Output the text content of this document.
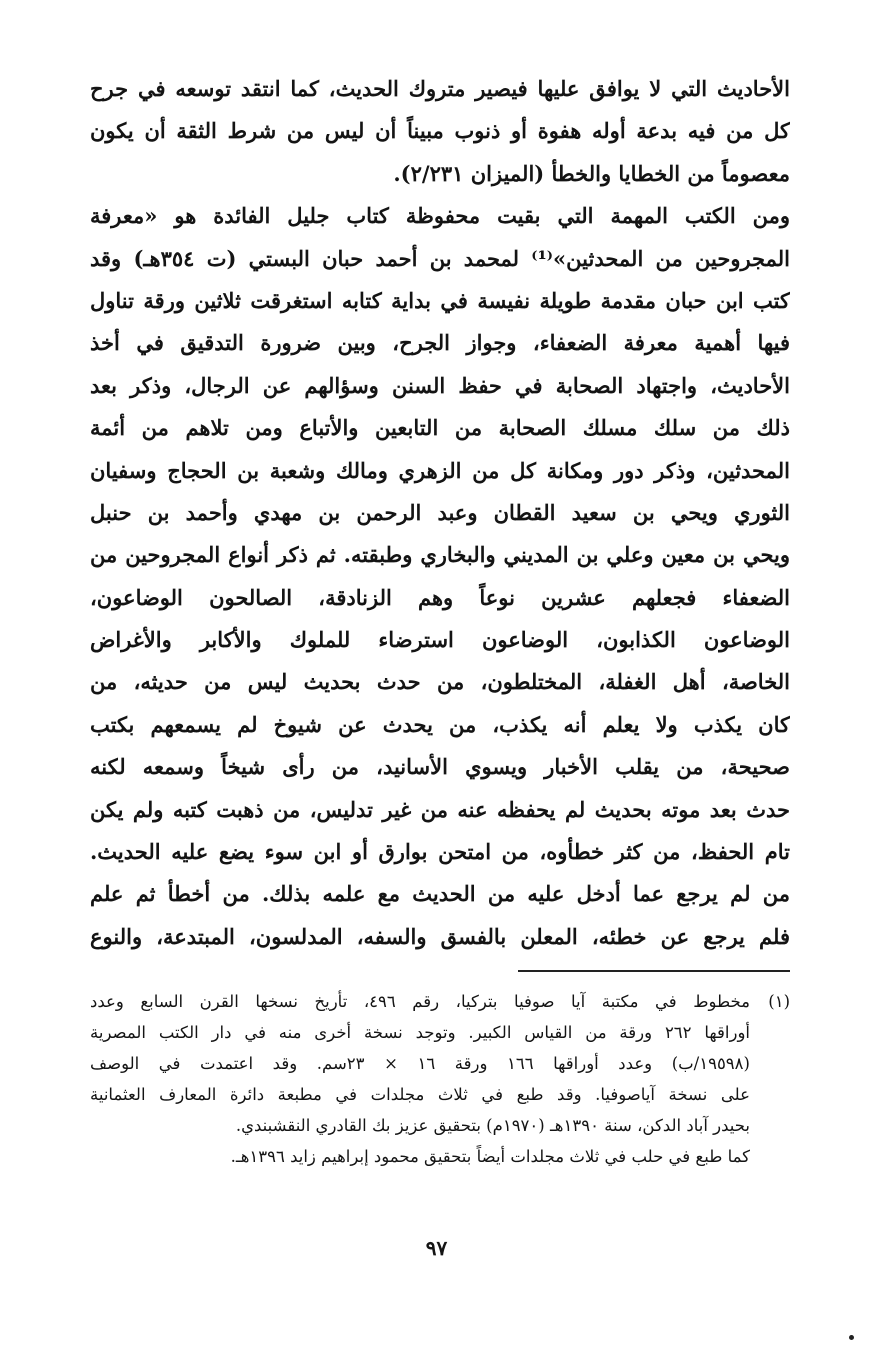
الأحاديث التي لا يوافق عليها فيصير متروك الحديث، كما انتقد توسعه في جرح
كل من فيه بدعة أوله هفوة أو ذنوب مبيناً أن ليس من شرط الثقة أن يكون
معصوماً من الخطايا والخطأ (الميزان ٢/٢٣١).
ومن الكتب المهمة التي بقيت محفوظة كتاب جليل الفائدة هو «معرفة
المجروحين من المحدثين»⁽¹⁾ لمحمد بن أحمد حبان البستي (ت ٣٥٤هـ) وقد
كتب ابن حبان مقدمة طويلة نفيسة في بداية كتابه استغرقت ثلاثين ورقة تناول
فيها أهمية معرفة الضعفاء، وجواز الجرح، وبين ضرورة التدقيق في أخذ
الأحاديث، واجتهاد الصحابة في حفظ السنن وسؤالهم عن الرجال، وذكر بعد
ذلك من سلك مسلك الصحابة من التابعين والأتباع ومن تلاهم من أئمة
المحدثين، وذكر دور ومكانة كل من الزهري ومالك وشعبة بن الحجاج وسفيان
الثوري ويحي بن سعيد القطان وعبد الرحمن بن مهدي وأحمد بن حنبل
ويحي بن معين وعلي بن المديني والبخاري وطبقته. ثم ذكر أنواع المجروحين من
الضعفاء فجعلهم عشرين نوعاً وهم الزنادقة، الصالحون الوضاعون،
الوضاعون الكذابون، الوضاعون استرضاء للملوك والأكابر والأغراض
الخاصة، أهل الغفلة، المختلطون، من حدث بحديث ليس من حديثه، من
كان يكذب ولا يعلم أنه يكذب، من يحدث عن شيوخ لم يسمعهم بكتب
صحيحة، من يقلب الأخبار ويسوي الأسانيد، من رأى شيخاً وسمعه لكنه
حدث بعد موته بحديث لم يحفظه عنه من غير تدليس، من ذهبت كتبه ولم يكن
تام الحفظ، من كثر خطأوه، من امتحن بوارق أو ابن سوء يضع عليه الحديث.
من لم يرجع عما أدخل عليه من الحديث مع علمه بذلك. من أخطأ ثم علم
فلم يرجع عن خطئه، المعلن بالفسق والسفه، المدلسون، المبتدعة، والنوع
(١)
مخطوط في مكتبة آيا صوفيا بتركيا، رقم ٤٩٦، تأريخ نسخها القرن السابع وعدد
أوراقها ٢٦٢ ورقة من القياس الكبير. وتوجد نسخة أخرى منه في دار الكتب المصرية
(١٩٥٩٨/ب) وعدد أوراقها ١٦٦ ورقة ١٦ × ٢٣سم. وقد اعتمدت في الوصف
على نسخة آياصوفيا. وقد طبع في ثلاث مجلدات في مطبعة دائرة المعارف العثمانية
بحيدر آباد الدكن، سنة ١٣٩٠هـ (١٩٧٠م) بتحقيق عزيز بك القادري النقشبندي.
كما طبع في حلب في ثلاث مجلدات أيضاً بتحقيق محمود إبراهيم زايد ١٣٩٦هـ.
٩٧
